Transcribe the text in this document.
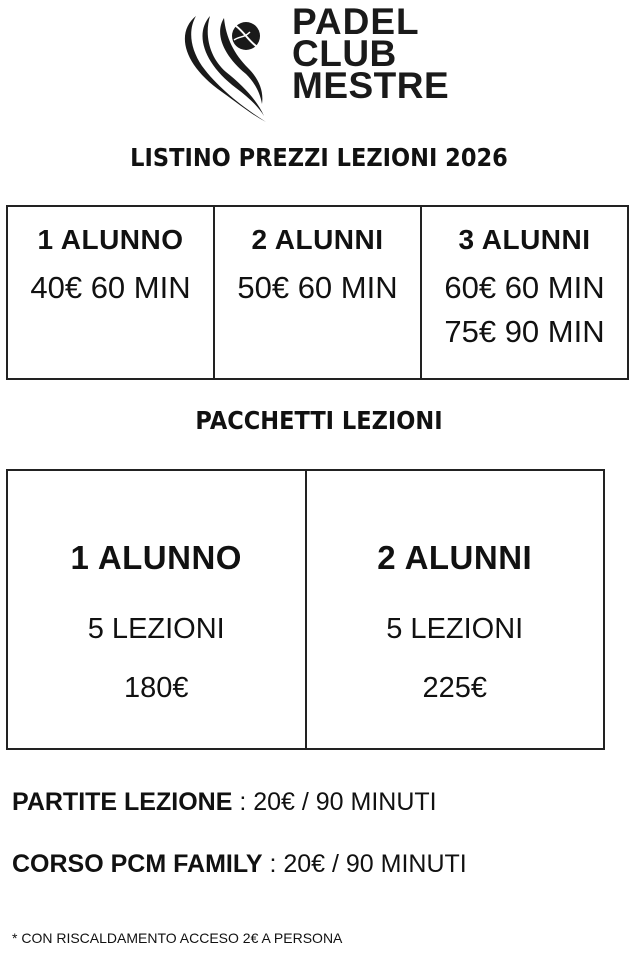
PADEL
CLUB
MESTRE
LISTINO PREZZI LEZIONI 2026
1 ALUNNO
40€ 60 MIN
2 ALUNNI
50€ 60 MIN
3 ALUNNI
60€ 60 MIN
75€ 90 MIN
PACCHETTI LEZIONI
1 ALUNNO
5 LEZIONI
180€
2 ALUNNI
5 LEZIONI
225€
PARTITE LEZIONE : 20€ / 90 MINUTI
CORSO PCM FAMILY : 20€ / 90 MINUTI
* CON RISCALDAMENTO ACCESO 2€ A PERSONA
